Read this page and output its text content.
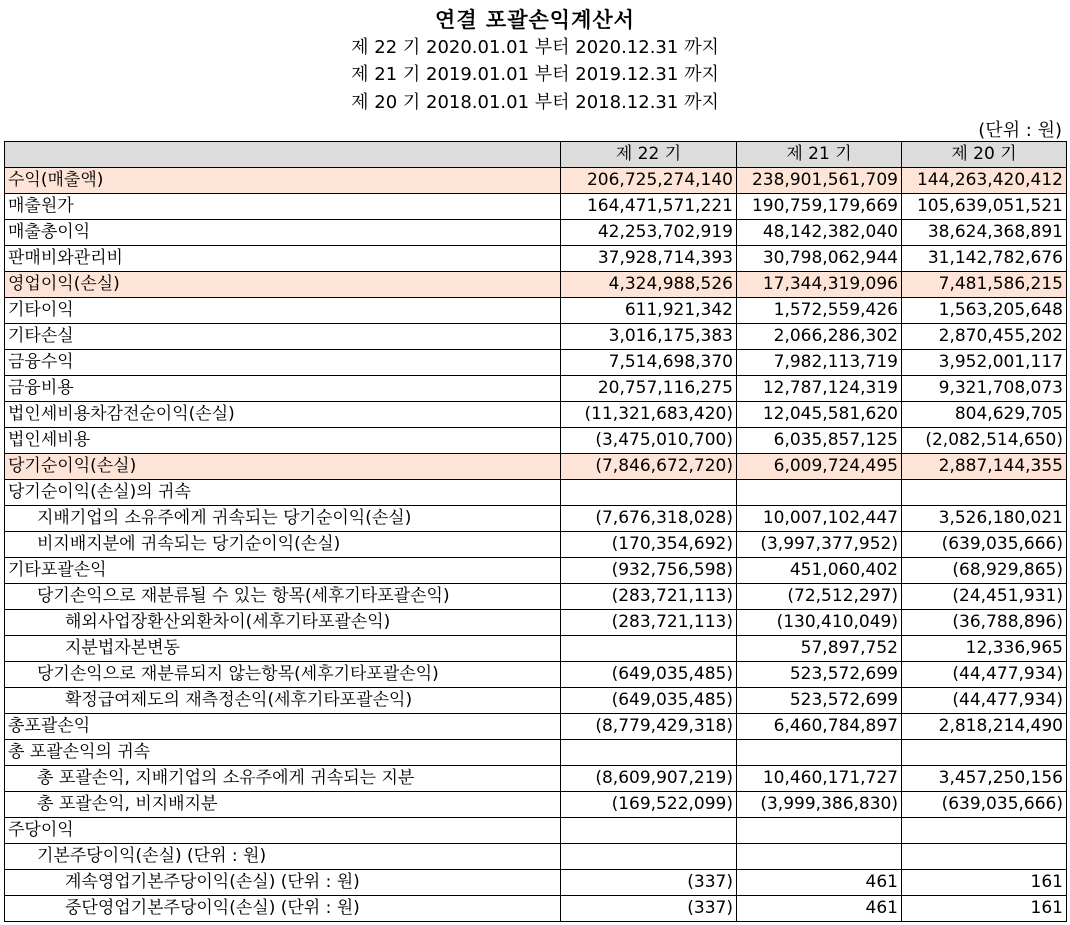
연결 포괄손익계산서
제 22 기 2020.01.01 부터 2020.12.31 까지
제 21 기 2019.01.01 부터 2019.12.31 까지
제 20 기 2018.01.01 부터 2018.12.31 까지
(단위 : 원)
	제 22 기	제 21 기	제 20 기
수익(매출액)	206,725,274,140	238,901,561,709	144,263,420,412
매출원가	164,471,571,221	190,759,179,669	105,639,051,521
매출총이익	42,253,702,919	48,142,382,040	38,624,368,891
판매비와관리비	37,928,714,393	30,798,062,944	31,142,782,676
영업이익(손실)	4,324,988,526	17,344,319,096	7,481,586,215
기타이익	611,921,342	1,572,559,426	1,563,205,648
기타손실	3,016,175,383	2,066,286,302	2,870,455,202
금융수익	7,514,698,370	7,982,113,719	3,952,001,117
금융비용	20,757,116,275	12,787,124,319	9,321,708,073
법인세비용차감전순이익(손실)	(11,321,683,420)	12,045,581,620	804,629,705
법인세비용	(3,475,010,700)	6,035,857,125	(2,082,514,650)
당기순이익(손실)	(7,846,672,720)	6,009,724,495	2,887,144,355
당기순이익(손실)의 귀속			
지배기업의 소유주에게 귀속되는 당기순이익(손실)	(7,676,318,028)	10,007,102,447	3,526,180,021
비지배지분에 귀속되는 당기순이익(손실)	(170,354,692)	(3,997,377,952)	(639,035,666)
기타포괄손익	(932,756,598)	451,060,402	(68,929,865)
당기손익으로 재분류될 수 있는 항목(세후기타포괄손익)	(283,721,113)	(72,512,297)	(24,451,931)
해외사업장환산외환차이(세후기타포괄손익)	(283,721,113)	(130,410,049)	(36,788,896)
지분법자본변동		57,897,752	12,336,965
당기손익으로 재분류되지 않는항목(세후기타포괄손익)	(649,035,485)	523,572,699	(44,477,934)
확정급여제도의 재측정손익(세후기타포괄손익)	(649,035,485)	523,572,699	(44,477,934)
총포괄손익	(8,779,429,318)	6,460,784,897	2,818,214,490
총 포괄손익의 귀속			
총 포괄손익, 지배기업의 소유주에게 귀속되는 지분	(8,609,907,219)	10,460,171,727	3,457,250,156
총 포괄손익, 비지배지분	(169,522,099)	(3,999,386,830)	(639,035,666)
주당이익			
기본주당이익(손실) (단위 : 원)			
계속영업기본주당이익(손실) (단위 : 원)	(337)	461	161
중단영업기본주당이익(손실) (단위 : 원)	(337)	461	161
